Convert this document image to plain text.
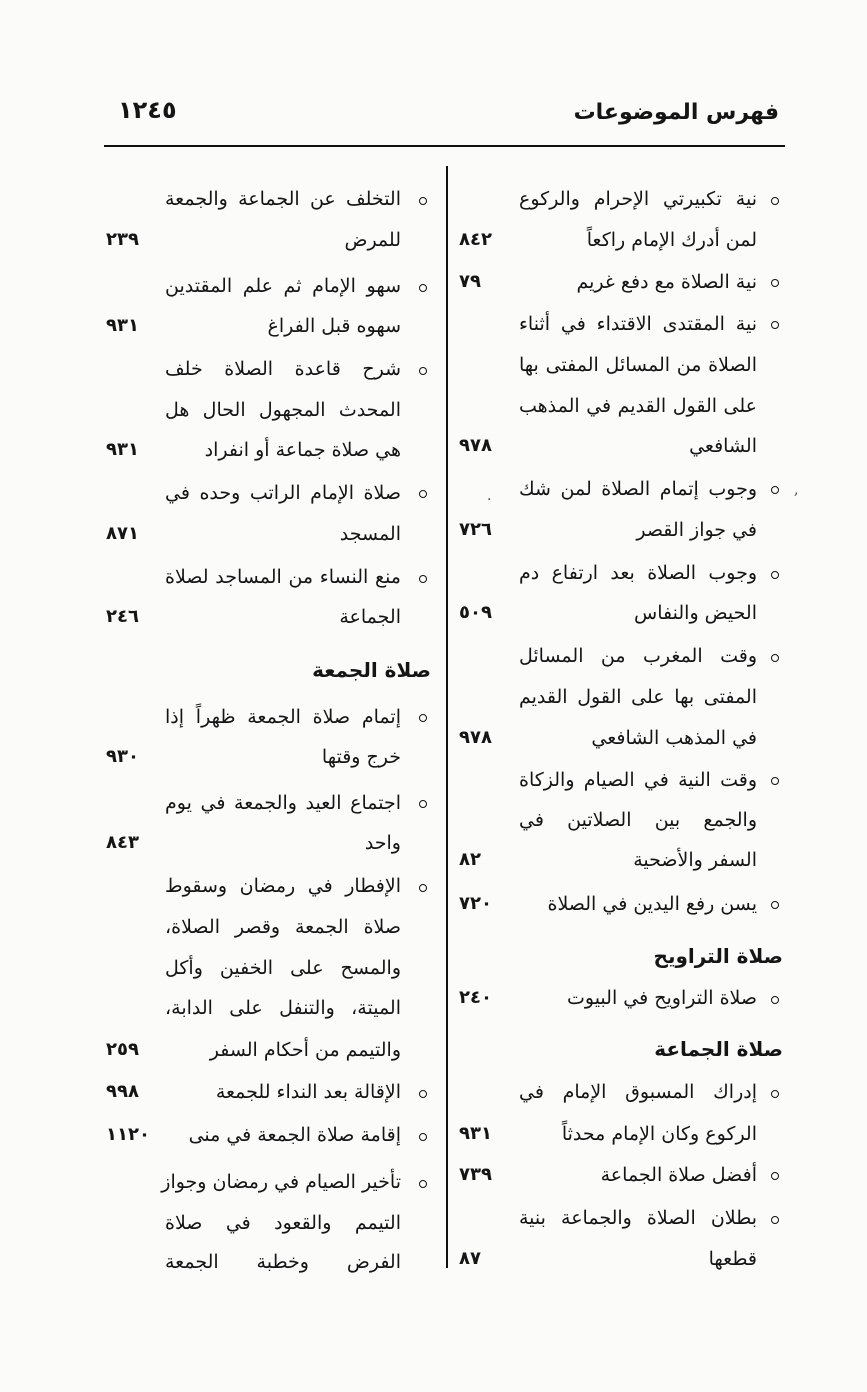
فهرس الموضوعات
١٢٤٥
نية تكبيرتي الإحرام والركوع
لمن أدرك الإمام راكعاً
٨٤٢
نية الصلاة مع دفع غريم
٧٩
نية المقتدى الاقتداء في أثناء
الصلاة من المسائل المفتى بها
على القول القديم في المذهب
الشافعي
٩٧٨
وجوب إتمام الصلاة لمن شك
في جواز القصر
٧٢٦
وجوب الصلاة بعد ارتفاع دم
الحيض والنفاس
٥٠٩
وقت المغرب من المسائل
المفتى بها على القول القديم
في المذهب الشافعي
٩٧٨
وقت النية في الصيام والزكاة
والجمع بين الصلاتين في
السفر والأضحية
٨٢
يسن رفع اليدين في الصلاة
٧٢٠
صلاة التراويح
صلاة التراويح في البيوت
٢٤٠
صلاة الجماعة
إدراك المسبوق الإمام في
الركوع وكان الإمام محدثاً
٩٣١
أفضل صلاة الجماعة
٧٣٩
بطلان الصلاة والجماعة بنية
قطعها
٨٧
التخلف عن الجماعة والجمعة
للمرض
٢٣٩
سهو الإمام ثم علم المقتدين
سهوه قبل الفراغ
٩٣١
شرح قاعدة الصلاة خلف
المحدث المجهول الحال هل
هي صلاة جماعة أو انفراد
٩٣١
صلاة الإمام الراتب وحده في
المسجد
٨٧١
منع النساء من المساجد لصلاة
الجماعة
٢٤٦
صلاة الجمعة
إتمام صلاة الجمعة ظهراً إذا
خرج وقتها
٩٣٠
اجتماع العيد والجمعة في يوم
واحد
٨٤٣
الإفطار في رمضان وسقوط
صلاة الجمعة وقصر الصلاة،
والمسح على الخفين وأكل
الميتة، والتنفل على الدابة،
والتيمم من أحكام السفر
٢٥٩
الإقالة بعد النداء للجمعة
٩٩٨
إقامة صلاة الجمعة في منى
١١٢٠
تأخير الصيام في رمضان وجواز
التيمم والقعود في صلاة
الفرض وخطبة الجمعة
,
.
